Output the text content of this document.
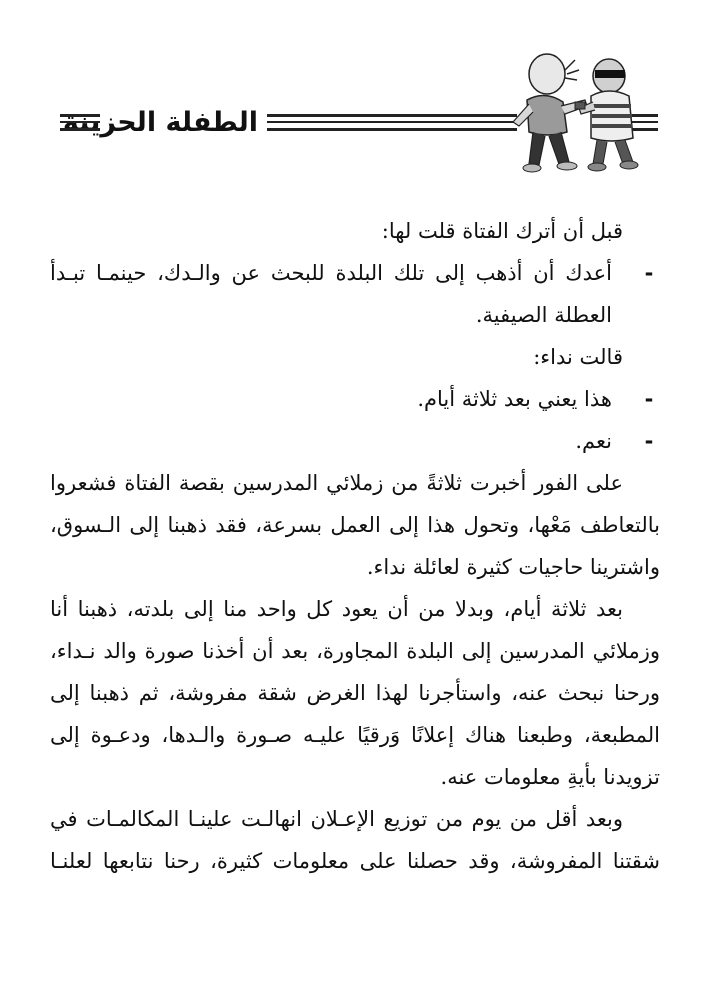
الطفلة الحزينة
قبل أن أترك الفتاة قلت لها:
-
أعدك أن أذهب إلى تلك البلدة للبحث عن والـدك، حينمـا تبـدأ
العطلة الصيفية.
قالت نداء:
-
هذا يعني بعد ثلاثة أيام.
-
نعم.
على الفور أخبرت ثلاثةً من زملائي المدرسين بقصة الفتاة فشعروا
بالتعاطف مَعْها، وتحول هذا إلى العمل بسرعة، فقد ذهبنا إلى الـسوق،
واشترينا حاجيات كثيرة لعائلة نداء.
بعد ثلاثة أيام، وبدلا من أن يعود كل واحد منا إلى بلدته، ذهبنا أنا
وزملائي المدرسين إلى البلدة المجاورة، بعد أن أخذنا صورة والد نـداء،
ورحنا نبحث عنه، واستأجرنا لهذا الغرض شقة مفروشة، ثم ذهبنا إلى
المطبعة، وطبعنا هناك إعلانًا وَرقيًا عليـه صـورة والـدها، ودعـوة إلى
تزويدنا بأيةِ معلومات عنه.
وبعد أقل من يوم من توزيع الإعـلان انهالـت علينـا المكالمـات في
شقتنا المفروشة، وقد حصلنا على معلومات كثيرة، رحنا نتابعها لعلنـا
